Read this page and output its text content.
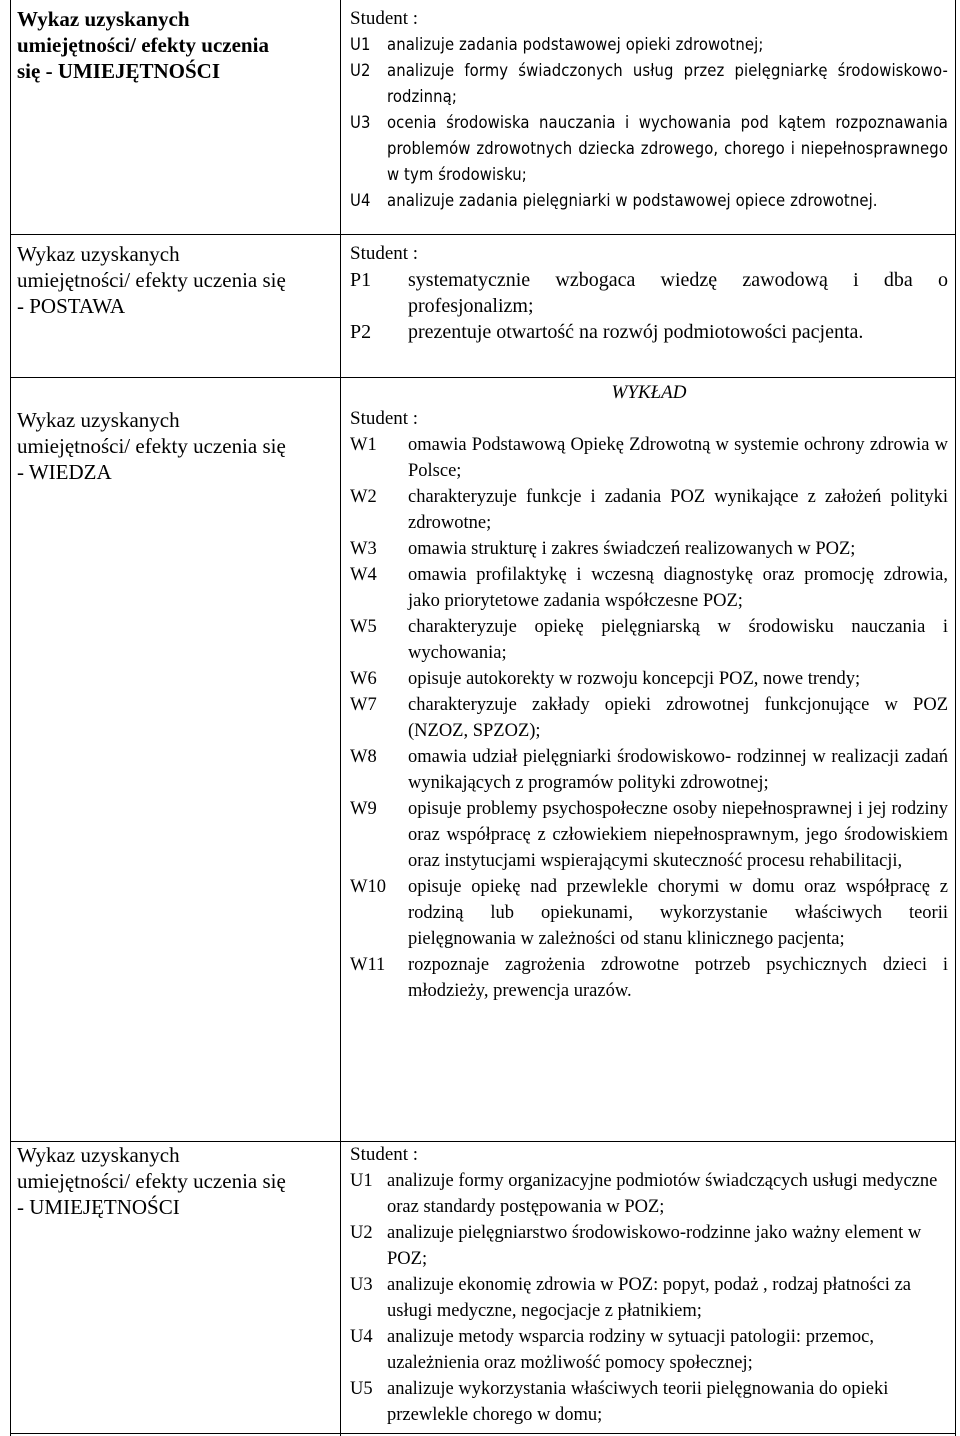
Wykaz uzyskanych
umiejętności/ efekty uczenia
się - UMIEJĘTNOŚCI
Wykaz uzyskanych
umiejętności/ efekty uczenia się
- POSTAWA
Wykaz uzyskanych
umiejętności/ efekty uczenia się
- WIEDZA
Wykaz uzyskanych
umiejętności/ efekty uczenia się
- UMIEJĘTNOŚCI
Student :
U1 analizuje zadania podstawowej opieki zdrowotnej;
U2 analizuje formy świadczonych usług przez pielęgniarkę środowiskowo-rodzinną;
U3 ocenia środowiska nauczania i wychowania pod kątem rozpoznawania problemów zdrowotnych dziecka zdrowego, chorego i niepełnosprawnego w tym środowisku;
U4 analizuje zadania pielęgniarki w podstawowej opiece zdrowotnej.
Student :
P1 systematycznie wzbogaca wiedzę zawodową i dba o profesjonalizm;
P2 prezentuje otwartość na rozwój podmiotowości pacjenta.
WYKŁAD
Student :
W1 omawia Podstawową Opiekę Zdrowotną w systemie ochrony zdrowia w Polsce;
W2 charakteryzuje funkcje i zadania POZ wynikające z założeń polityki zdrowotne;
W3 omawia strukturę i zakres świadczeń realizowanych w POZ;
W4 omawia profilaktykę i wczesną diagnostykę oraz promocję zdrowia, jako priorytetowe zadania współczesne POZ;
W5 charakteryzuje opiekę pielęgniarską w środowisku nauczania i wychowania;
W6 opisuje autokorekty w rozwoju koncepcji POZ, nowe trendy;
W7 charakteryzuje zakłady opieki zdrowotnej funkcjonujące w POZ (NZOZ, SPZOZ);
W8 omawia udział pielęgniarki środowiskowo- rodzinnej w realizacji zadań wynikających z programów polityki zdrowotnej;
W9 opisuje problemy psychospołeczne osoby niepełnosprawnej i jej rodziny oraz współpracę z człowiekiem niepełnosprawnym, jego środowiskiem oraz instytucjami wspierającymi skuteczność procesu rehabilitacji,
W10 opisuje opiekę nad przewlekle chorymi w domu oraz współpracę z rodziną lub opiekunami, wykorzystanie właściwych teorii pielęgnowania w zależności od stanu klinicznego pacjenta;
W11 rozpoznaje zagrożenia zdrowotne potrzeb psychicznych dzieci i młodzieży, prewencja urazów.
Student :
U1 analizuje formy organizacyjne podmiotów świadczących usługi medyczne oraz standardy postępowania w POZ;
U2 analizuje pielęgniarstwo środowiskowo-rodzinne jako ważny element w POZ;
U3 analizuje ekonomię zdrowia w POZ: popyt, podaż , rodzaj płatności za usługi medyczne, negocjacje z płatnikiem;
U4 analizuje metody wsparcia rodziny w sytuacji patologii: przemoc, uzależnienia oraz możliwość pomocy społecznej;
U5 analizuje wykorzystania właściwych teorii pielęgnowania do opieki przewlekle chorego w domu;
